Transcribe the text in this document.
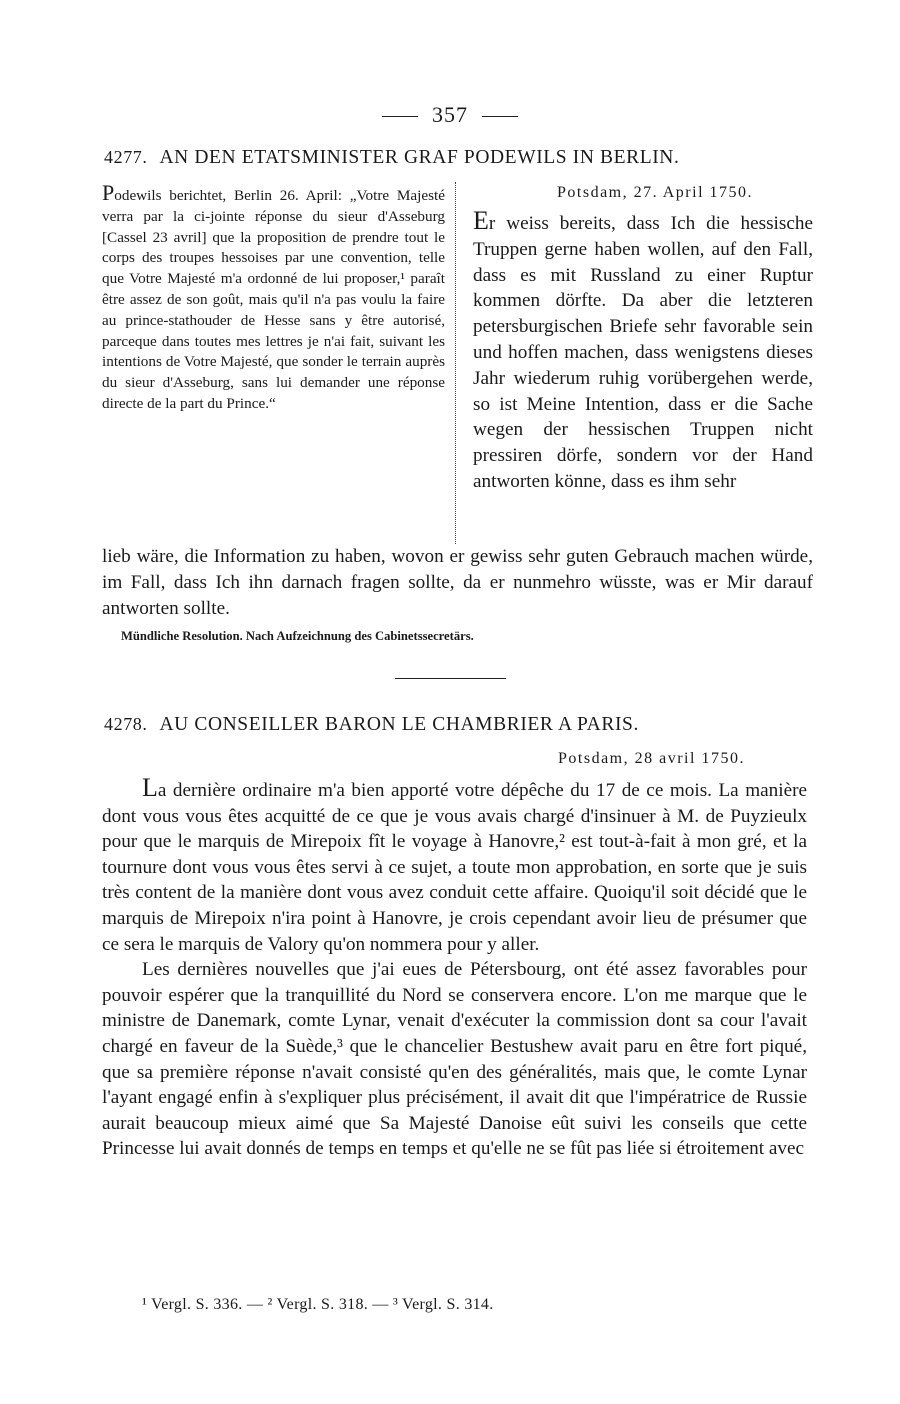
357
4277. AN DEN ETATSMINISTER GRAF PODEWILS IN BERLIN.

Podewils berichtet, Berlin 26. April: „Votre Majesté verra par la ci-jointe réponse du sieur d'Asseburg [Cassel 23 avril] que la proposition de prendre tout le corps des troupes hessoises par une convention, telle que Votre Majesté m'a ordonné de lui proposer,¹ paraît être assez de son goût, mais qu'il n'a pas voulu la faire au prince-stathouder de Hesse sans y être autorisé, parceque dans toutes mes lettres je n'ai fait, suivant les intentions de Votre Majesté, que sonder le terrain auprès du sieur d'Asseburg, sans lui demander une réponse directe de la part du Prince.“

Potsdam, 27. April 1750.

Er weiss bereits, dass Ich die hessische Truppen gerne haben wollen, auf den Fall, dass es mit Russland zu einer Ruptur kommen dörfte. Da aber die letzteren petersburgischen Briefe sehr favorable sein und hoffen machen, dass wenigstens dieses Jahr wiederum ruhig vorübergehen werde, so ist Meine Intention, dass er die Sache wegen der hessischen Truppen nicht pressiren dörfe, sondern vor der Hand antworten könne, dass es ihm sehr

lieb wäre, die Information zu haben, wovon er gewiss sehr guten Gebrauch machen würde, im Fall, dass Ich ihn darnach fragen sollte, da er nunmehro wüsste, was er Mir darauf antworten sollte.

Mündliche Resolution. Nach Aufzeichnung des Cabinetssecretärs.
4278. AU CONSEILLER BARON LE CHAMBRIER A PARIS.
Potsdam, 28 avril 1750.

La dernière ordinaire m'a bien apporté votre dépêche du 17 de ce mois. La manière dont vous vous êtes acquitté de ce que je vous avais chargé d'insinuer à M. de Puyzieulx pour que le marquis de Mirepoix fît le voyage à Hanovre,² est tout-à-fait à mon gré, et la tournure dont vous vous êtes servi à ce sujet, a toute mon approbation, en sorte que je suis très content de la manière dont vous avez conduit cette affaire. Quoiqu'il soit décidé que le marquis de Mirepoix n'ira point à Hanovre, je crois cependant avoir lieu de présumer que ce sera le marquis de Valory qu'on nommera pour y aller.

Les dernières nouvelles que j'ai eues de Pétersbourg, ont été assez favorables pour pouvoir espérer que la tranquillité du Nord se conservera encore. L'on me marque que le ministre de Danemark, comte Lynar, venait d'exécuter la commission dont sa cour l'avait chargé en faveur de la Suède,³ que le chancelier Bestushew avait paru en être fort piqué, que sa première réponse n'avait consisté qu'en des généralités, mais que, le comte Lynar l'ayant engagé enfin à s'expliquer plus précisément, il avait dit que l'impératrice de Russie aurait beaucoup mieux aimé que Sa Majesté Danoise eût suivi les conseils que cette Princesse lui avait donnés de temps en temps et qu'elle ne se fût pas liée si étroitement avec

¹ Vergl. S. 336. — ² Vergl. S. 318. — ³ Vergl. S. 314.
